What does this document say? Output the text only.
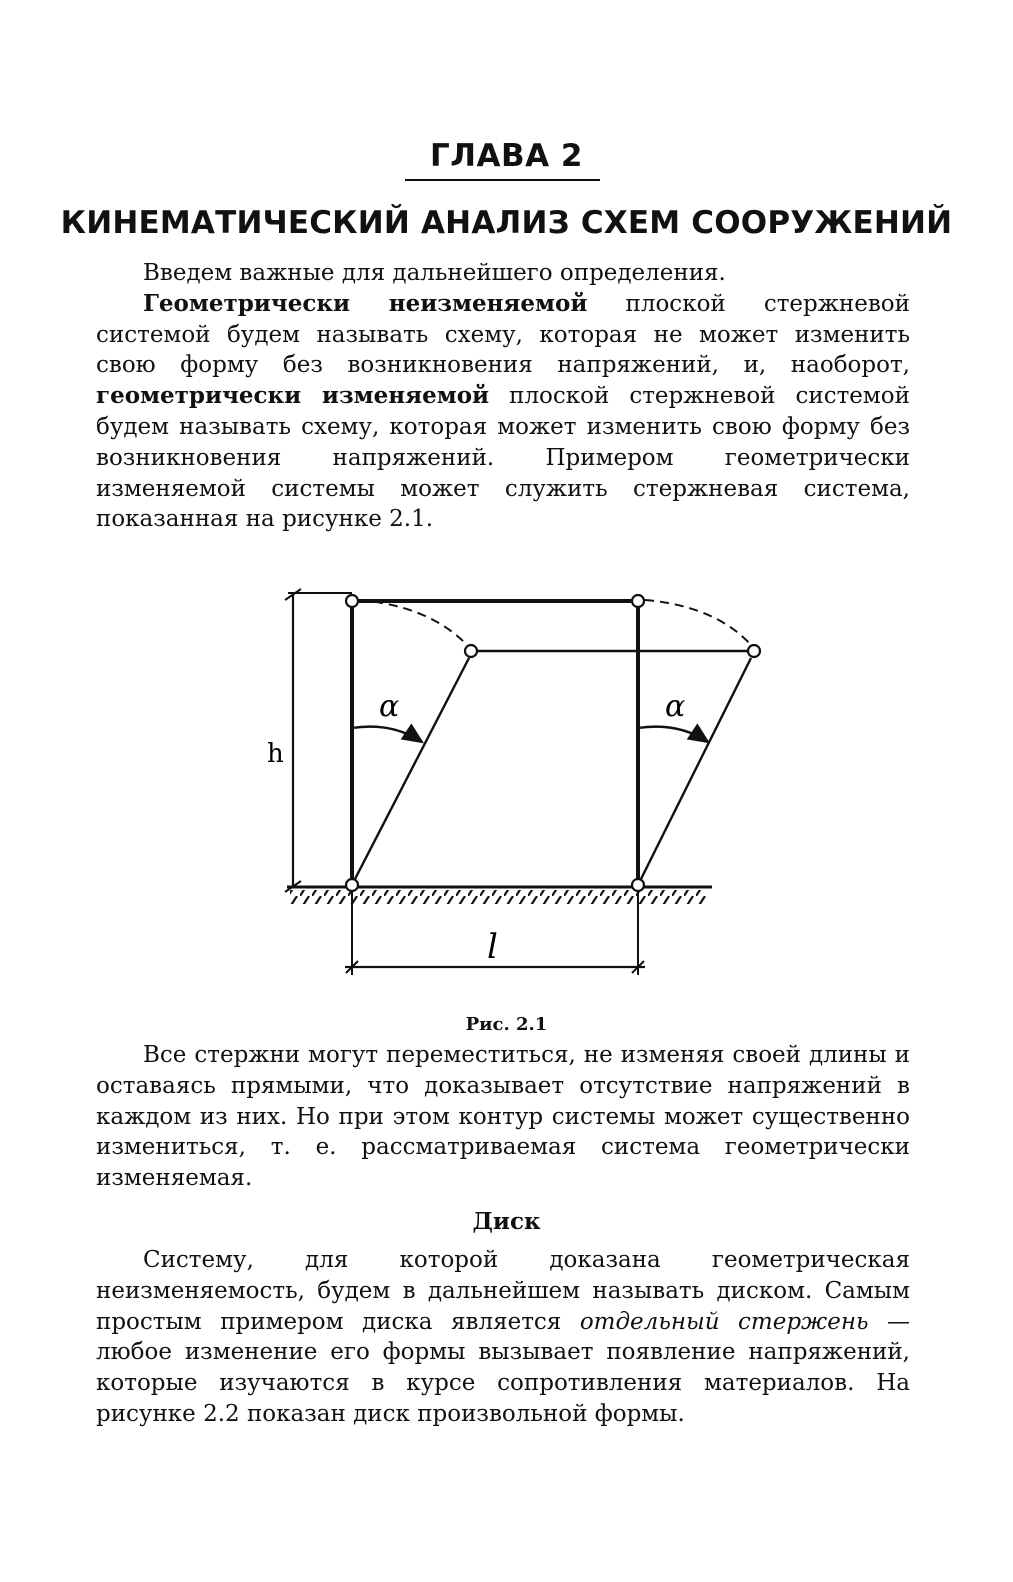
ГЛАВА 2
КИНЕМАТИЧЕСКИЙ АНАЛИЗ СХЕМ СООРУЖЕНИЙ

Введем важные для дальнейшего определения.

Геометрически неизменяемой плоской стержневой системой будем называть схему, которая не может изменить свою форму без возникновения напряжений, и, наоборот, геометрически изменяемой плоской стержневой системой будем называть схему, которая может изменить свою форму без возникновения напряжений. Примером геометрически изменяемой системы может служить стержневая система, показанная на рисунке 2.1.

h
α	α
l
Рис. 2.1

Все стержни могут переместиться, не изменяя своей длины и оставаясь прямыми, что доказывает отсутствие напряжений в каждом из них. Но при этом контур системы может существенно измениться, т. е. рассматриваемая система геометрически изменяемая.

Диск

Систему, для которой доказана геометрическая неизменяемость, будем в дальнейшем называть диском. Самым простым примером диска является отдельный стержень — любое изменение его формы вызывает появление напряжений, которые изучаются в курсе сопротивления материалов. На рисунке 2.2 показан диск произвольной формы.
